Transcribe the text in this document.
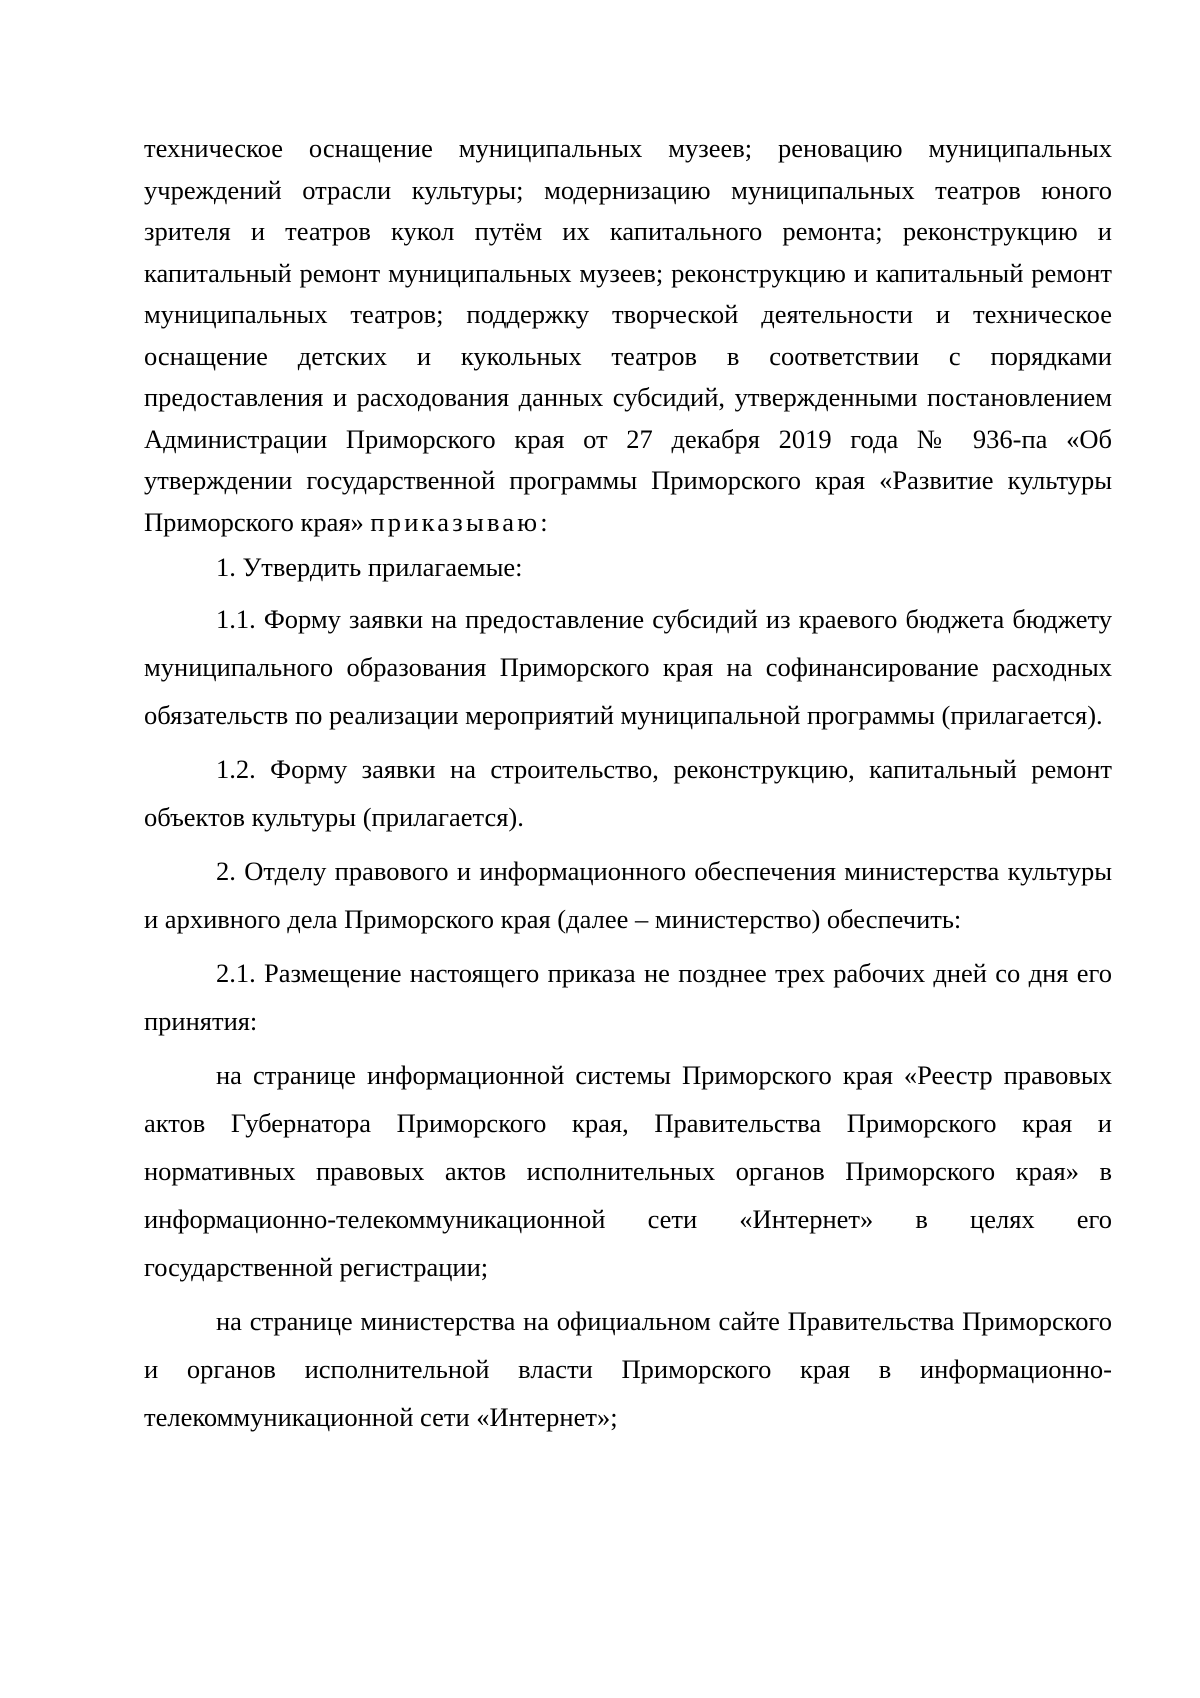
техническое оснащение муниципальных музеев; реновацию муниципальных учреждений отрасли культуры; модернизацию муниципальных театров юного зрителя и театров кукол путём их капитального ремонта; реконструкцию и капитальный ремонт муниципальных музеев; реконструкцию и капитальный ремонт муниципальных театров; поддержку творческой деятельности и техническое оснащение детских и кукольных театров в соответствии с порядками предоставления и расходования данных субсидий, утвержденными постановлением Администрации Приморского края от 27 декабря 2019 года № 936-па «Об утверждении государственной программы Приморского края «Развитие культуры Приморского края» приказываю:

1. Утвердить прилагаемые:

1.1. Форму заявки на предоставление субсидий из краевого бюджета бюджету муниципального образования Приморского края на софинансирование расходных обязательств по реализации мероприятий муниципальной программы (прилагается).

1.2. Форму заявки на строительство, реконструкцию, капитальный ремонт объектов культуры (прилагается).

2. Отделу правового и информационного обеспечения министерства культуры и архивного дела Приморского края (далее – министерство) обеспечить:

2.1. Размещение настоящего приказа не позднее трех рабочих дней со дня его принятия:

на странице информационной системы Приморского края «Реестр правовых актов Губернатора Приморского края, Правительства Приморского края и нормативных правовых актов исполнительных органов Приморского края» в информационно-телекоммуникационной сети «Интернет» в целях его государственной регистрации;

на странице министерства на официальном сайте Правительства Приморского и органов исполнительной власти Приморского края в информационно-телекоммуникационной сети «Интернет»;
